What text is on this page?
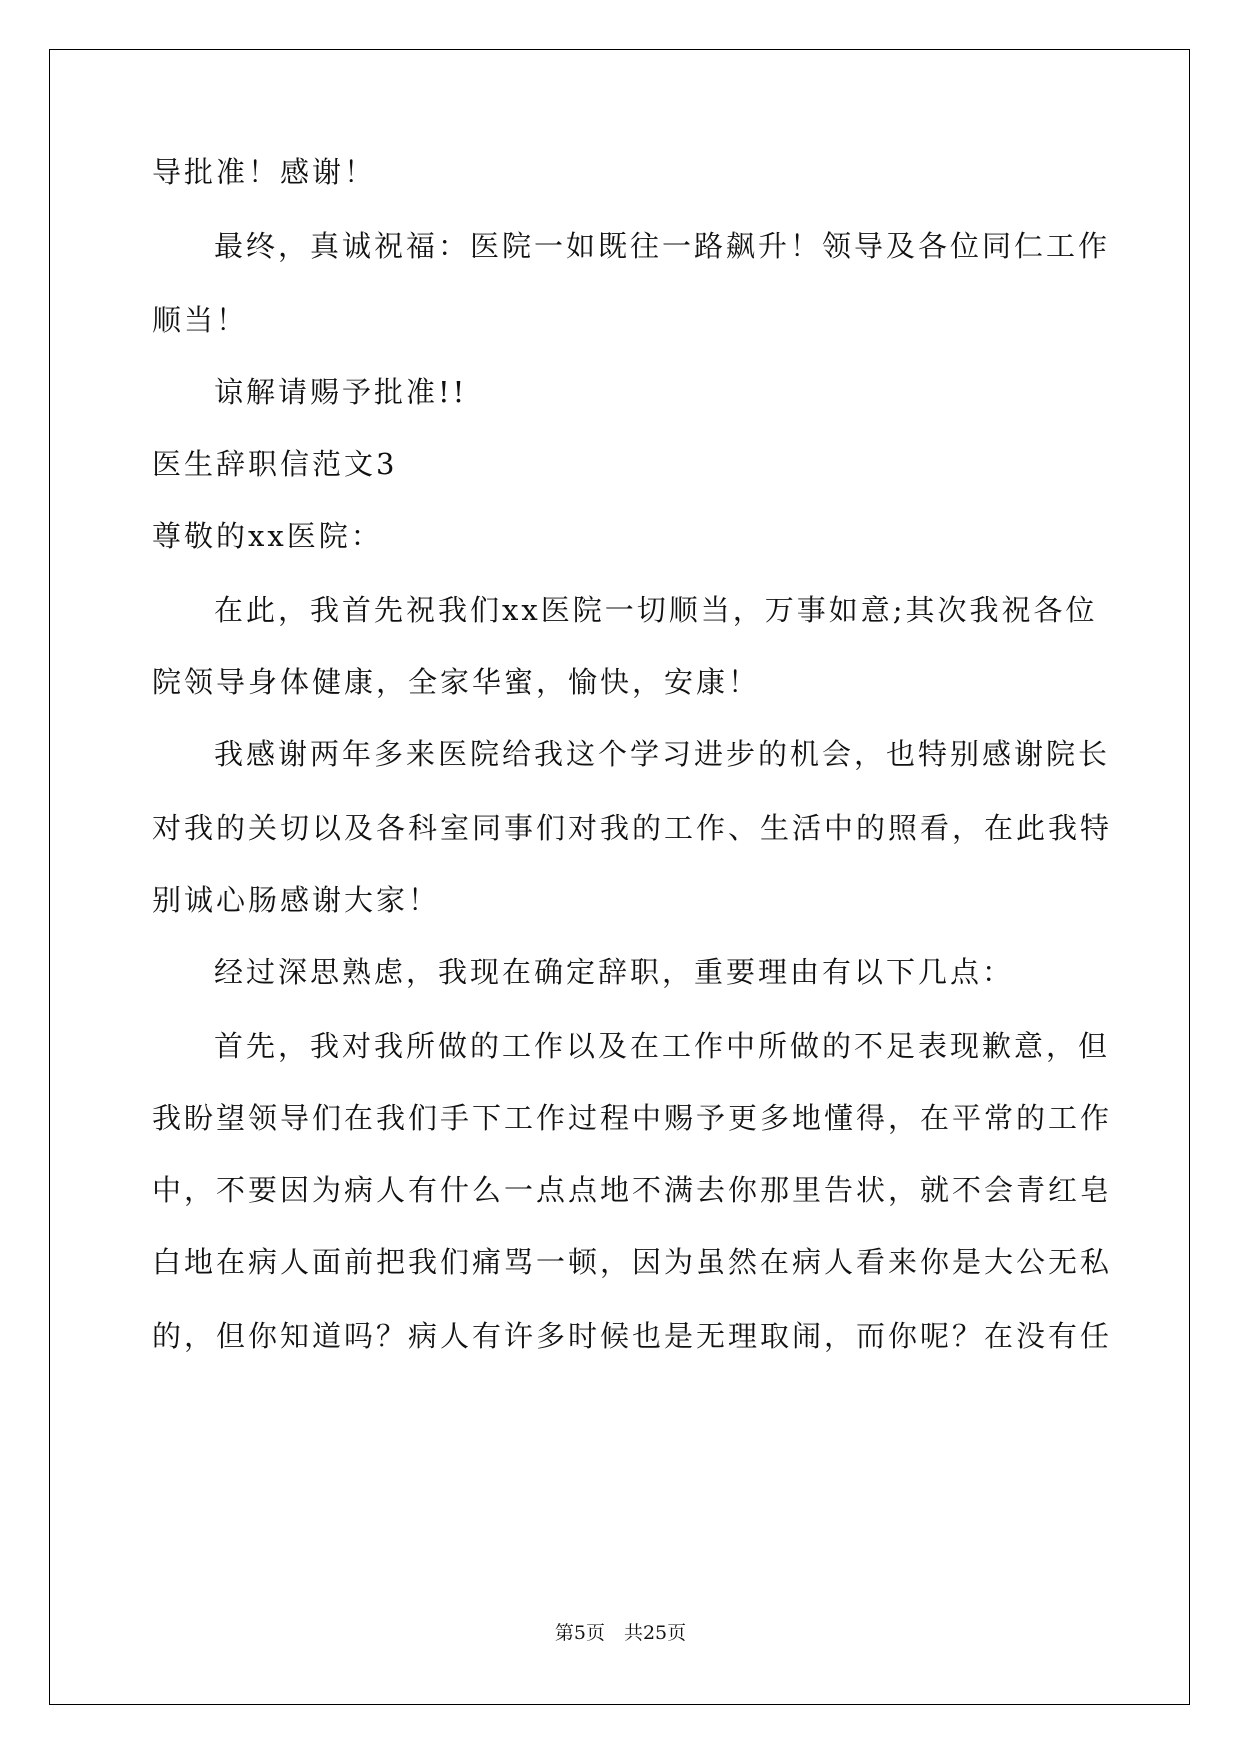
导批准！感谢！
最终，真诚祝福：医院一如既往一路飙升！领导及各位同仁工作
顺当！
谅解请赐予批准!!
医生辞职信范文3
尊敬的xx医院：
在此，我首先祝我们xx医院一切顺当，万事如意;其次我祝各位
院领导身体健康，全家华蜜，愉快，安康！
我感谢两年多来医院给我这个学习进步的机会，也特别感谢院长
对我的关切以及各科室同事们对我的工作、生活中的照看，在此我特
别诚心肠感谢大家！
经过深思熟虑，我现在确定辞职，重要理由有以下几点：
首先，我对我所做的工作以及在工作中所做的不足表现歉意，但
我盼望领导们在我们手下工作过程中赐予更多地懂得，在平常的工作
中，不要因为病人有什么一点点地不满去你那里告状，就不会青红皂
白地在病人面前把我们痛骂一顿，因为虽然在病人看来你是大公无私
的，但你知道吗？病人有许多时候也是无理取闹，而你呢？在没有任
第5页　共25页
